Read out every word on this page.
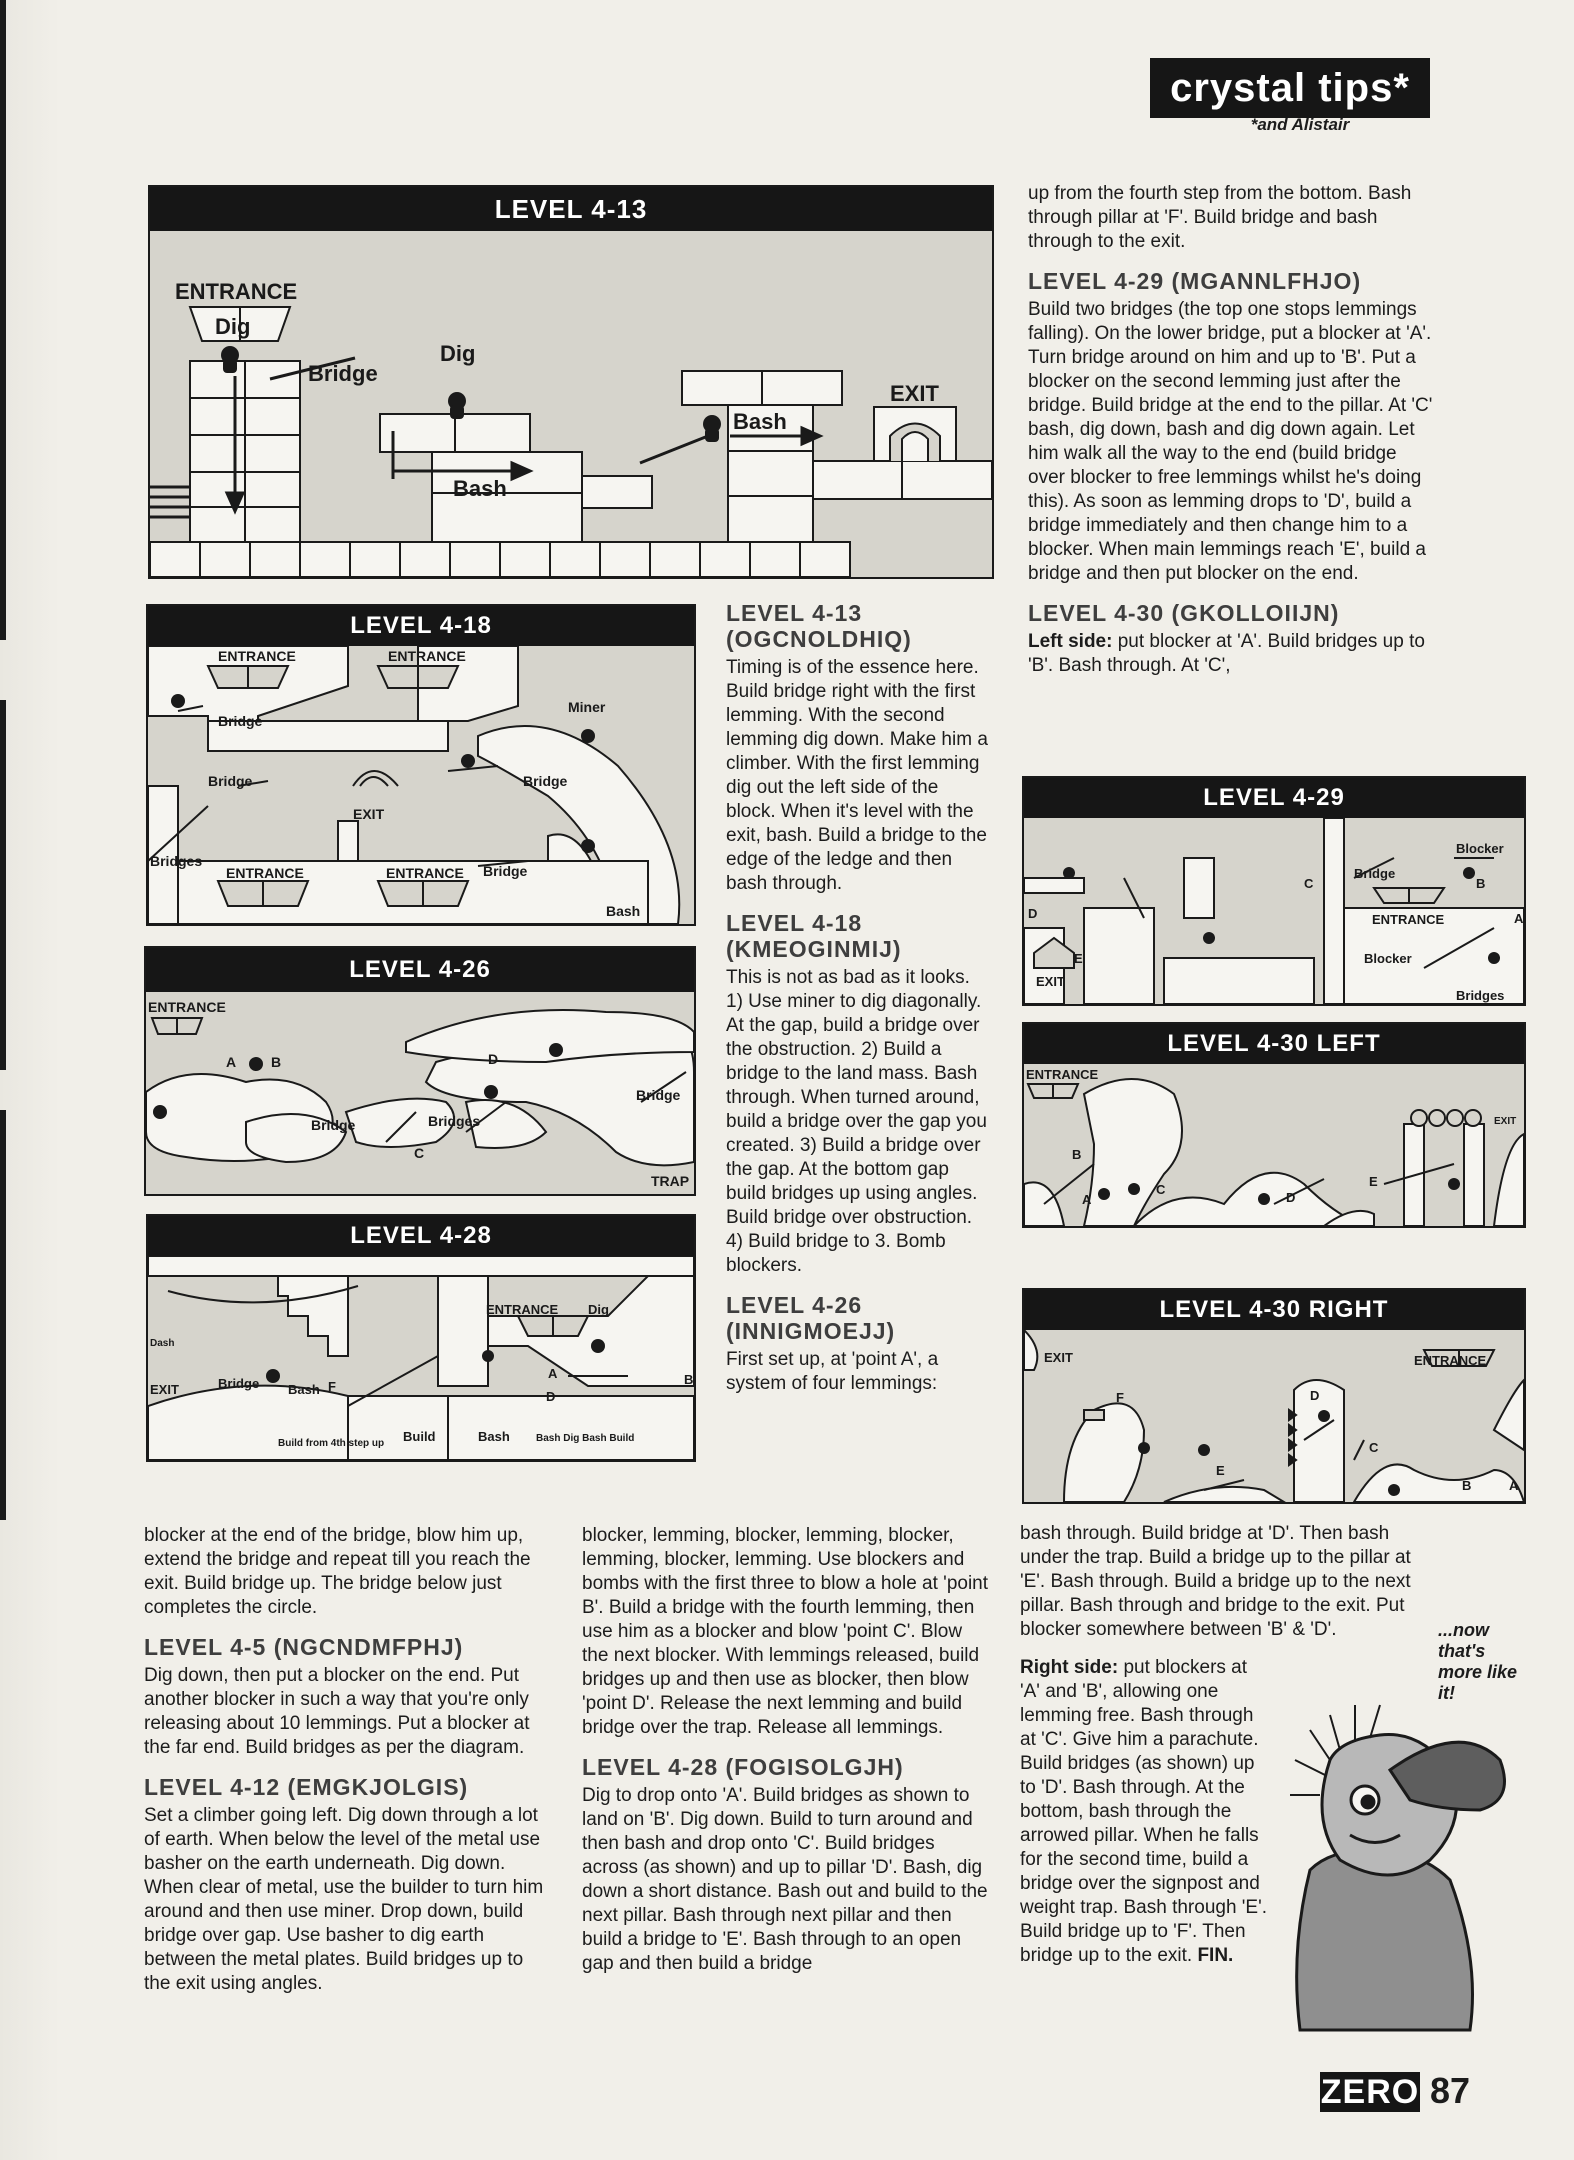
crystal tips*
*and Alistair
LEVEL 4-13
ENTRANCE
Dig
Bridge
Dig
Bash
Bash
EXIT
LEVEL 4-18
ENTRANCE	ENTRANCE
Bridge
Miner
Bridge	Bridge
EXIT
Bridges
ENTRANCE	ENTRANCE Bridge
Bash
LEVEL 4-26
ENTRANCE
A B	D
Bridge
Bridge	Bridges
C
TRAP
LEVEL 4-28
ENTRANCE Dig
Dash
EXIT	Bridge Bash F
A
D
B
Build from 4th step up Build	Bash	Bash Dig Bash Build
LEVEL 4-29
Blocker
Bridge
B
C
D	ENTRANCE	A
E
EXIT
Blocker
Bridges
LEVEL 4-30 LEFT
ENTRANCE
EXIT
B
A
C
D
E
LEVEL 4-30 RIGHT
EXIT	ENTRANCE
F	D
E
C
B	A

blocker at the end of the bridge, blow him up, extend the bridge and repeat till you reach the exit. Build bridge up. The bridge below just completes the circle.

LEVEL 4-5 (NGCNDMFPHJ)

Dig down, then put a blocker on the end. Put another blocker in such a way that you're only releasing about 10 lemmings. Put a blocker at the far end. Build bridges as per the diagram.

LEVEL 4-12 (EMGKJOLGIS)

Set a climber going left. Dig down through a lot of earth. When below the level of the metal use basher on the earth underneath. Dig down. When clear of metal, use the builder to turn him around and then use miner. Drop down, build bridge over gap. Use basher to dig earth between the metal plates. Build bridges up to the exit using angles.

LEVEL 4-13 (OGCNOLDHIQ)

Timing is of the essence here. Build bridge right with the first lemming. With the second lemming dig down. Make him a climber. With the first lemming dig out the left side of the block. When it's level with the exit, bash. Build a bridge to the edge of the ledge and then bash through.

LEVEL 4-18 (KMEOGINMIJ)

This is not as bad as it looks. 1) Use miner to dig diagonally. At the gap, build a bridge over the obstruction. 2) Build a bridge to the land mass. Bash through. When turned around, build a bridge over the gap you created. 3) Build a bridge over the gap. At the bottom gap build bridges up using angles. Build bridge over obstruction. 4) Build bridge to 3. Bomb blockers.

LEVEL 4-26 (INNIGMOEJJ)

First set up, at 'point A', a system of four lemmings:

blocker, lemming, blocker, lemming, blocker, lemming, blocker, lemming. Use blockers and bombs with the first three to blow a hole at 'point B'. Build a bridge with the fourth lemming, then use him as a blocker and blow 'point C'. Blow the next blocker. With lemmings released, build bridges up and then use as blocker, then blow 'point D'. Release the next lemming and build bridge over the trap. Release all lemmings.

LEVEL 4-28 (FOGISOLGJH)

Dig to drop onto 'A'. Build bridges as shown to land on 'B'. Dig down. Build to turn around and then bash and drop onto 'C'. Build bridges across (as shown) and up to pillar 'D'. Bash, dig down a short distance. Bash out and build to the next pillar. Bash through next pillar and then build a bridge to 'E'. Bash through to an open gap and then build a bridge

up from the fourth step from the bottom. Bash through pillar at 'F'. Build bridge and bash through to the exit.

LEVEL 4-29 (MGANNLFHJO)

Build two bridges (the top one stops lemmings falling). On the lower bridge, put a blocker at 'A'. Turn bridge around on him and up to 'B'. Put a blocker on the second lemming just after the bridge. Build bridge at the end to the pillar. At 'C' bash, dig down, bash and dig down again. Let him walk all the way to the end (build bridge over blocker to free lemmings whilst he's doing this). As soon as lemming drops to 'D', build a bridge immediately and then change him to a blocker. When main lemmings reach 'E', build a bridge and then put blocker on the end.

LEVEL 4-30 (GKOLLOIIJN)

Left side: put blocker at 'A'. Build bridges up to 'B'. Bash through. At 'C',

bash through. Build bridge at 'D'. Then bash under the trap. Build a bridge up to the pillar at 'E'. Bash through. Build a bridge up to the next pillar. Bash through and bridge to the exit. Put blocker somewhere between 'B' & 'D'.

Right side: put blockers at 'A' and 'B', allowing one lemming free. Bash through at 'C'. Give him a parachute. Build bridges (as shown) up to 'D'. Bash through. At the bottom, bash through the arrowed pillar. When he falls for the second time, build a bridge over the signpost and weight trap. Bash through 'E'. Build bridge up to 'F'. Then bridge up to the exit. FIN.

...now that's more like it!
ZERO 87
